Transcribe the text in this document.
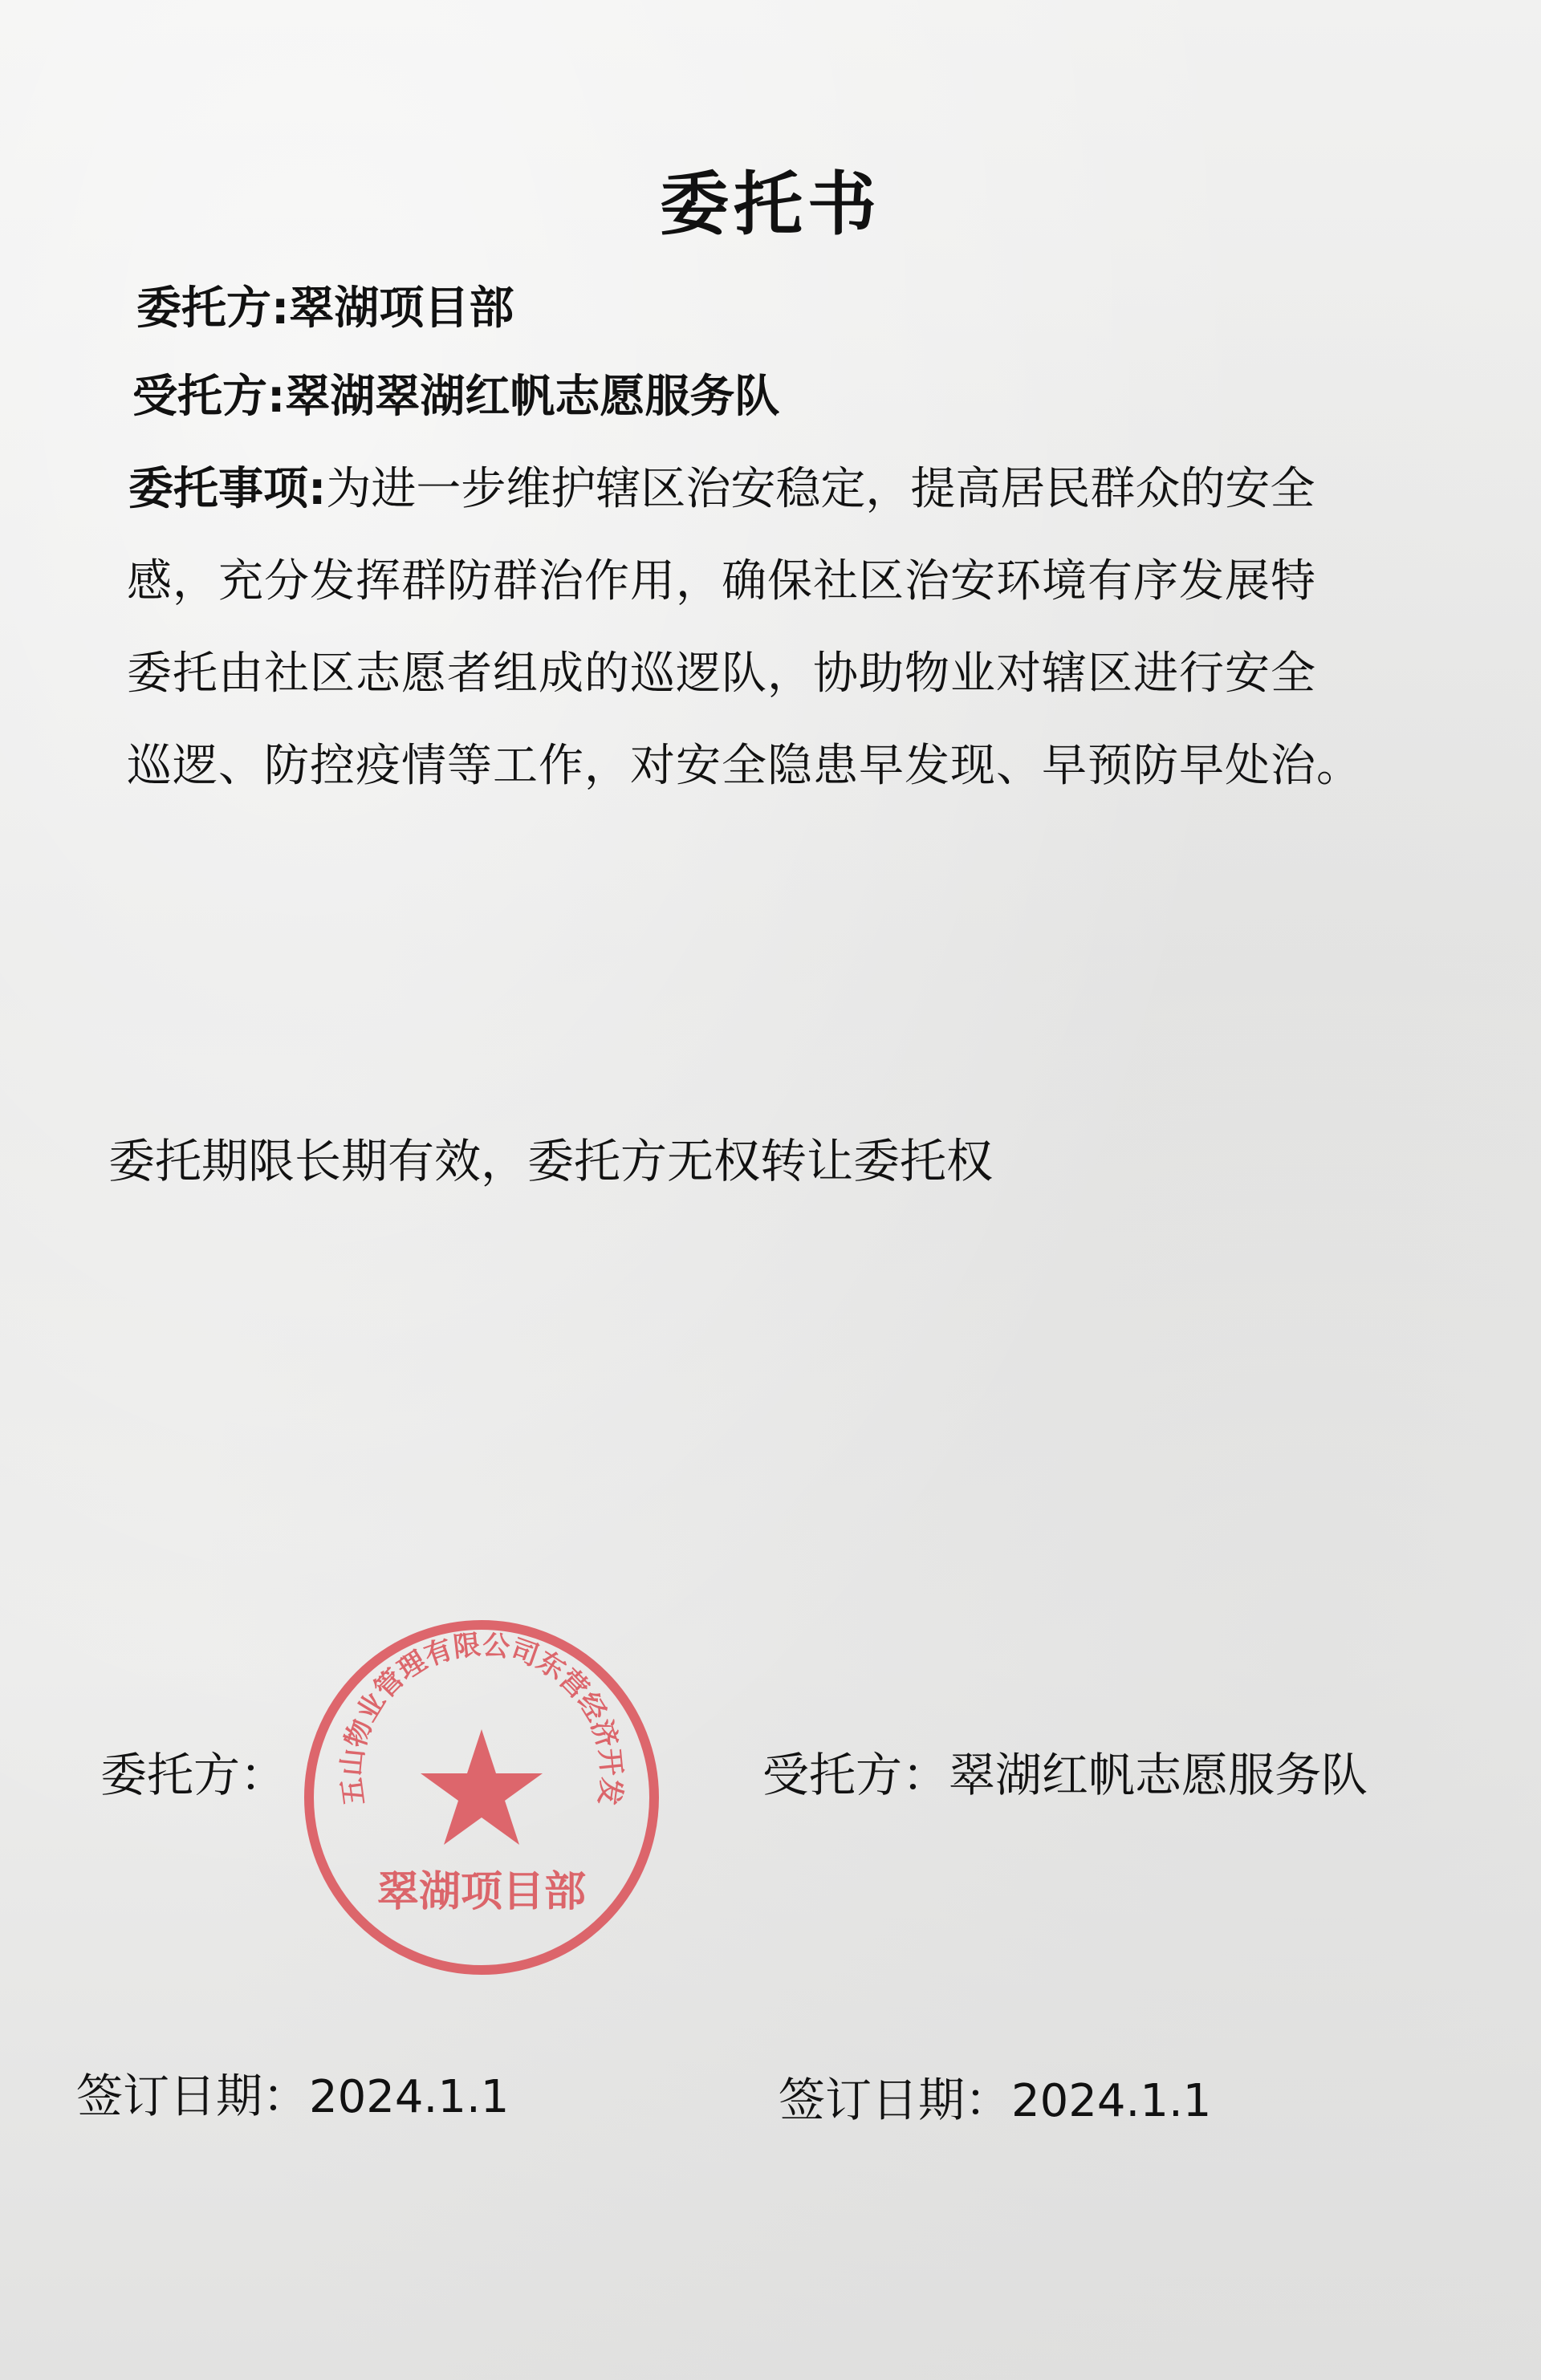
委托书
委托方:翠湖项目部
受托方:翠湖翠湖红帆志愿服务队
委托事项:为进一步维护辖区治安稳定，提高居民群众的安全
感，充分发挥群防群治作用，确保社区治安环境有序发展特
委托由社区志愿者组成的巡逻队，协助物业对辖区进行安全
巡逻、防控疫情等工作，对安全隐患早发现、早预防早处治。
委托期限长期有效，委托方无权转让委托权
五山物业管理有限公司东营经济开发
翠湖项目部
委托方：	受托方：翠湖红帆志愿服务队
签订日期：2024.1.1	签订日期：2024.1.1
